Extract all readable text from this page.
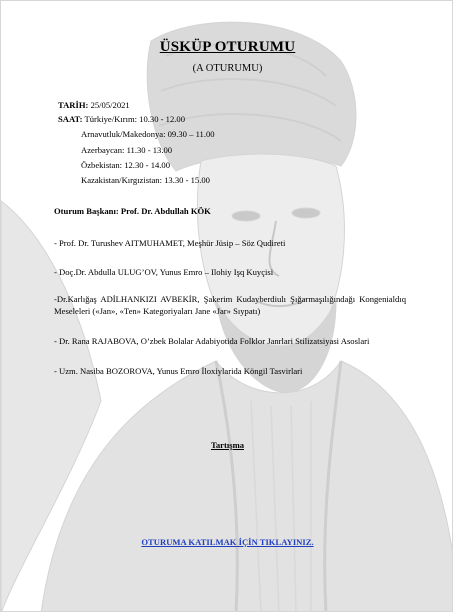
ÜSKÜP OTURUMU
(A OTURUMU)
TARİH: 25/05/2021
SAAT: Türkiye/Kırım: 10.30 - 12.00
Arnavutluk/Makedonya: 09.30 – 11.00
Azerbaycan: 11.30 - 13.00
Özbekistan: 12.30 - 14.00
Kazakistan/Kırgızistan: 13.30 - 15.00
Oturum Başkanı: Prof. Dr. Abdullah KÖK
- Prof. Dr. Turushev AITMUHAMET, Meşhür Jüsip – Söz Qudireti
- Doç.Dr. Abdulla ULUG’OV, Yunus Emro – Ilohiy Işq Kuyçisi
-Dr.Karlığaş ADİLHANKIZI AVBEKİR, Şakerim Kudayberdiulı Şığarmaşılığındağı Kongenialdıq Meseleleri («Jan», «Ten» Kategoriyaları Jane «Jar» Sıypatı)
- Dr. Rana RAJABOVA, O’zbek Bolalar Adabiyotida Folklor Janrlari Stilizatsiyasi Asoslari
- Uzm. Nasiba BOZOROVA, Yunus Emro İloxiylarida Köngil Tasvirlari
Tartışma
OTURUMA KATILMAK İÇİN TIKLAYINIZ.
